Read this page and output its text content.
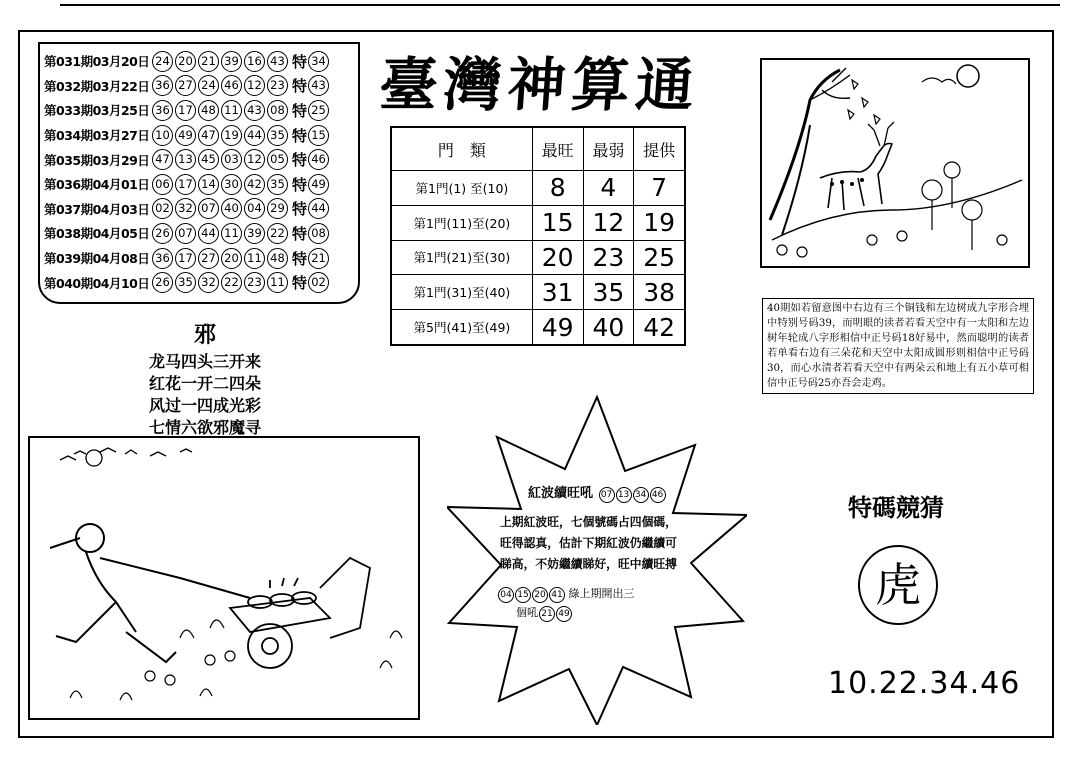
第031期03月20日 24 20 21 39 16 43 特 34
第032期03月22日 36 27 24 46 12 23 特 43
第033期03月25日 36 17 48 11 43 08 特 25
第034期03月27日 10 49 47 19 44 35 特 15
第035期03月29日 47 13 45 03 12 05 特 46
第036期04月01日 06 17 14 30 42 35 特 49
第037期04月03日 02 32 07 40 04 29 特 44
第038期04月05日 26 07 44 11 39 22 特 08
第039期04月08日 36 17 27 20 11 48 特 21
第040期04月10日 26 35 32 22 23 11 特 02
邪
龙马四头三开来
红花一开二四朵
风过一四成光彩
七情六欲邪魔寻
臺灣神算通
門　類	最旺	最弱	提供
第1門(1) 至(10)	8	4	7
第1門(11)至(20)	15	12	19
第1門(21)至(30)	20	23	25
第1門(31)至(40)	31	35	38
第5門(41)至(49)	49	40	42
40期如若留意图中右边有三个铜钱和左边树成九字形合埋中特别号码39，而明眼的读者若看天空中有一太阳和左边树年轮成八字形相信中正号码18好易中，然而聪明的读者若单看右边有三朵花和天空中太阳成圆形则相信中正号码30，而心水清者若看天空中有两朵云和地上有五小草可相信中正号码25亦吾会走鸡。
紅波續旺吼 07 13 34 46
上期紅波旺，七個號碼占四個碼，旺得認真，估計下期紅波仍繼續可睇高，不妨繼續睇好，旺中續旺搏
04 15 20 41 綠上期開出三
個吼 21 49
特碼競猜
虎
10.22.34.46
